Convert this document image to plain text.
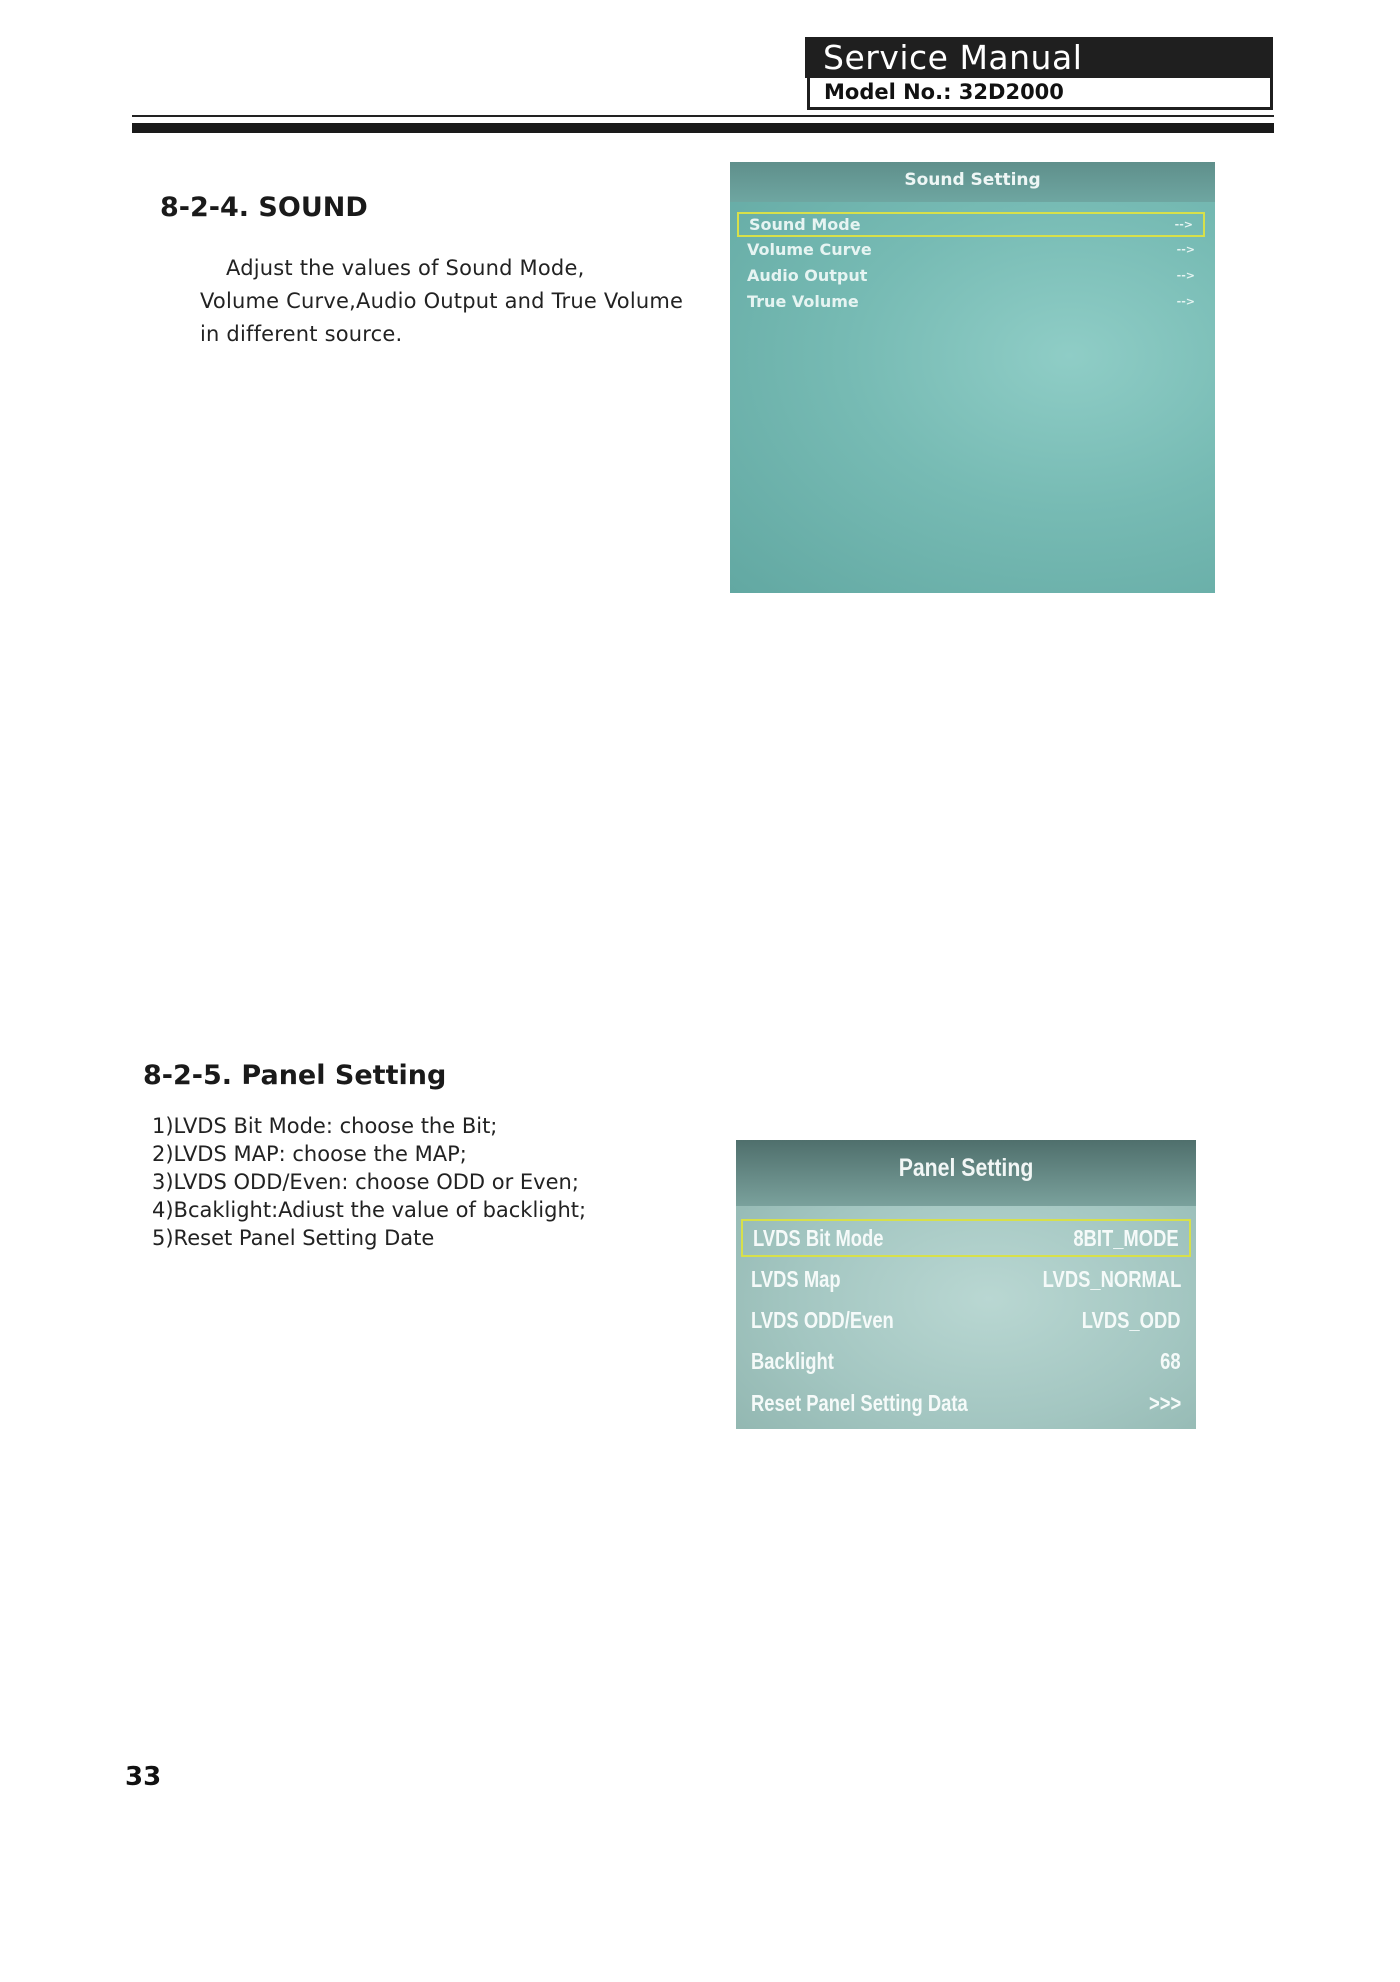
Service Manual
Model No.: 32D2000
8-2-4. SOUND
Adjust the values of Sound Mode,
Volume Curve,Audio Output and True Volume
in different source.
Sound Setting
Sound Mode	-->
Volume Curve	-->
Audio Output	-->
True Volume	-->
8-2-5. Panel Setting
1)LVDS Bit Mode: choose the Bit;
2)LVDS MAP: choose the MAP;
3)LVDS ODD/Even: choose ODD or Even;
4)Bcaklight:Adiust the value of backlight;
5)Reset Panel Setting Date
Panel Setting
LVDS Bit Mode	8BIT_MODE
LVDS Map	LVDS_NORMAL
LVDS ODD/Even	LVDS_ODD
Backlight	68
Reset Panel Setting Data	>>>
33
